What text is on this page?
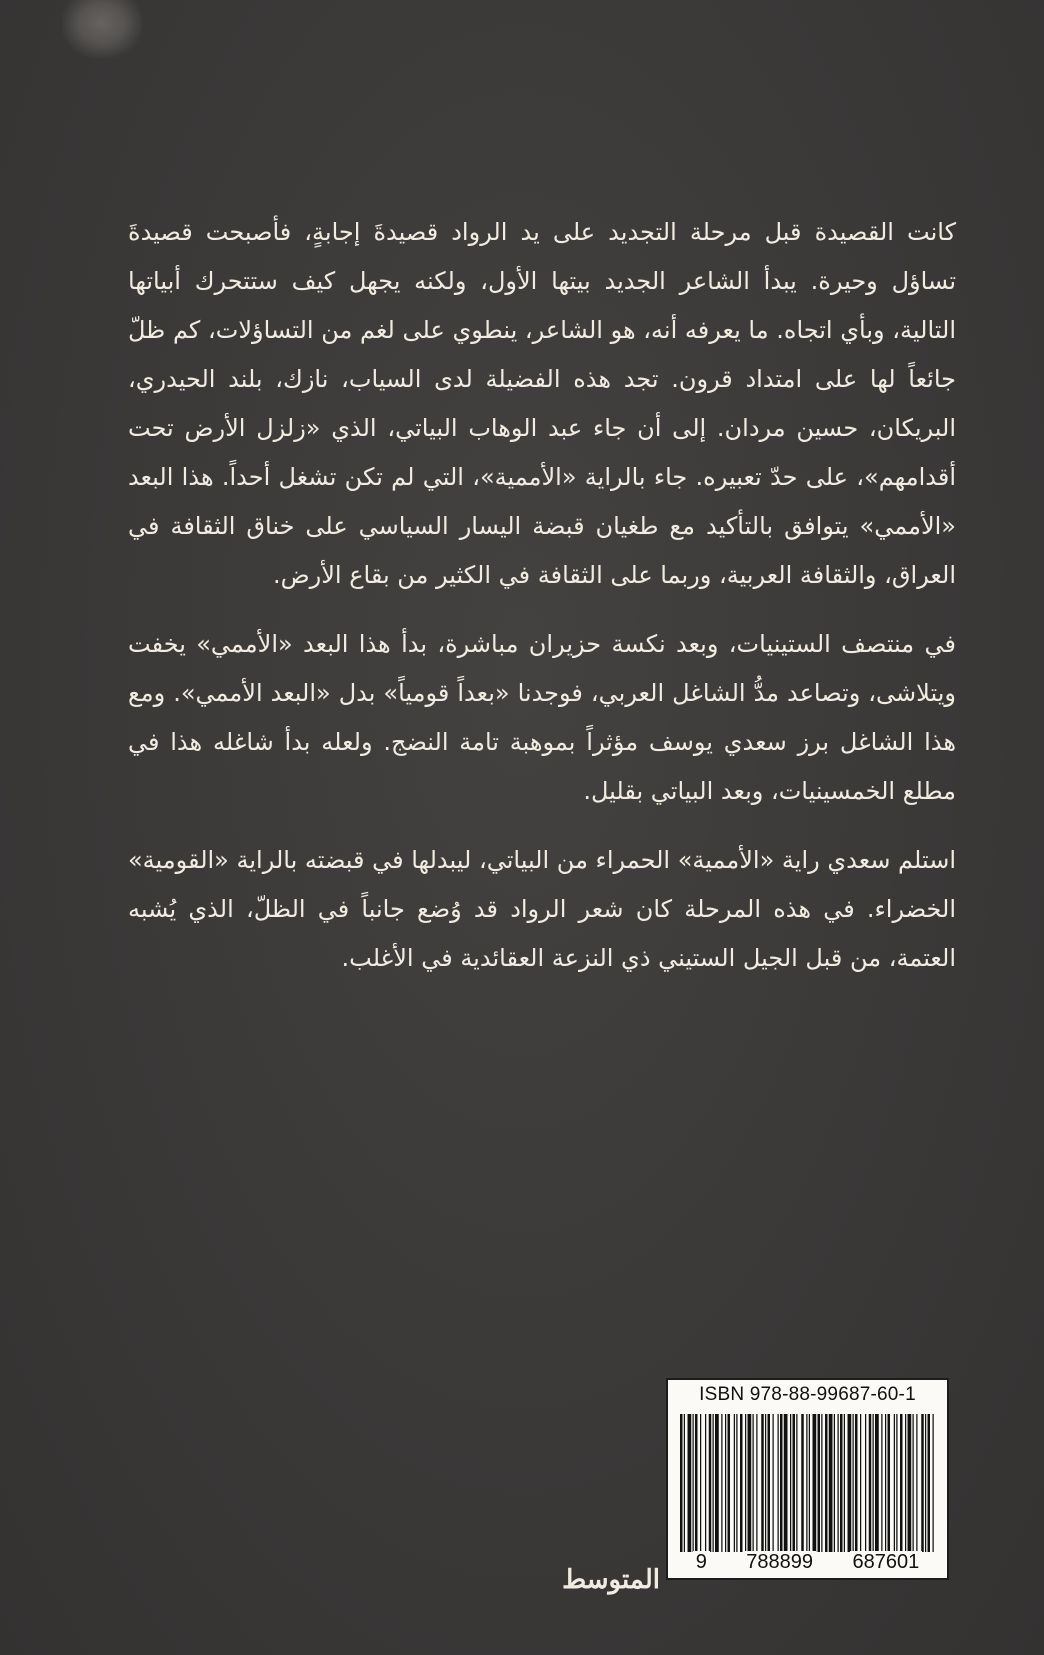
كانت القصيدة قبل مرحلة التجديد على يد الرواد قصيدةَ إجابةٍ، فأصبحت قصيدةَ تساؤل وحيرة. يبدأ الشاعر الجديد بيتها الأول، ولكنه يجهل كيف ستتحرك أبياتها التالية، وبأي اتجاه. ما يعرفه أنه، هو الشاعر، ينطوي على لغم من التساؤلات، كم ظلّ جائعاً لها على امتداد قرون. تجد هذه الفضيلة لدى السياب، نازك، بلند الحيدري، البريكان، حسين مردان. إلى أن جاء عبد الوهاب البياتي، الذي «زلزل الأرض تحت أقدامهم»، على حدّ تعبيره. جاء بالراية «الأممية»، التي لم تكن تشغل أحداً. هذا البعد «الأممي» يتوافق بالتأكيد مع طغيان قبضة اليسار السياسي على خناق الثقافة في العراق، والثقافة العربية، وربما على الثقافة في الكثير من بقاع الأرض.

في منتصف الستينيات، وبعد نكسة حزيران مباشرة، بدأ هذا البعد «الأممي» يخفت ويتلاشى، وتصاعد مدُّ الشاغل العربي، فوجدنا «بعداً قومياً» بدل «البعد الأممي». ومع هذا الشاغل برز سعدي يوسف مؤثراً بموهبة تامة النضج. ولعله بدأ شاغله هذا في مطلع الخمسينيات، وبعد البياتي بقليل.

استلم سعدي راية «الأممية» الحمراء من البياتي، ليبدلها في قبضته بالراية «القومية» الخضراء. في هذه المرحلة كان شعر الرواد قد وُضع جانباً في الظلّ، الذي يُشبه العتمة، من قبل الجيل الستيني ذي النزعة العقائدية في الأغلب.

ISBN 978-88-99687-60-1
9 788899 687601
المتوسط
